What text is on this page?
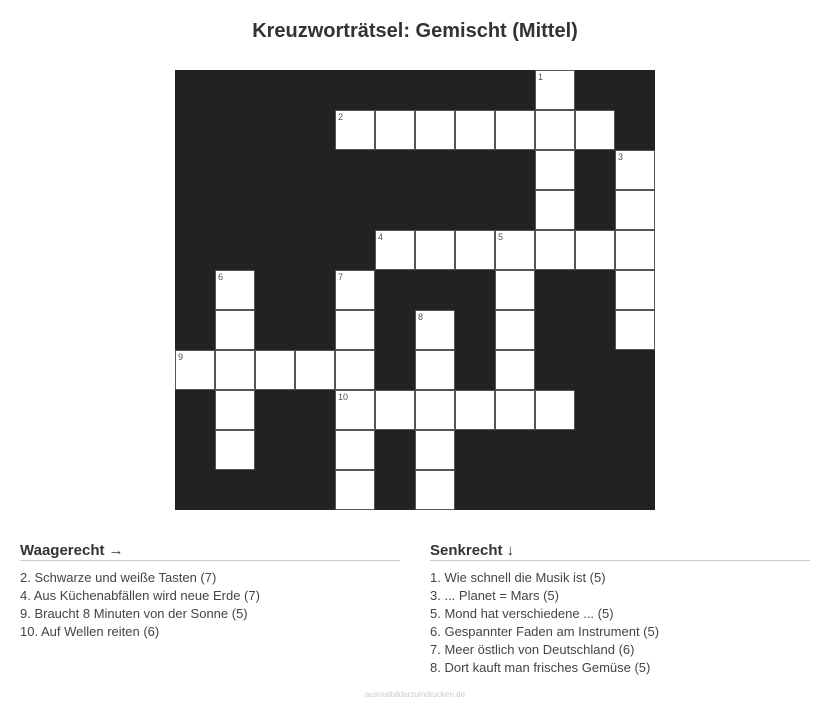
Kreuzworträtsel: Gemischt (Mittel)
1
2
3
4	5
6	7
8
9
10
Waagerecht →
2. Schwarze und weiße Tasten (7)
4. Aus Küchenabfällen wird neue Erde (7)
9. Braucht 8 Minuten von der Sonne (5)
10. Auf Wellen reiten (6)
Senkrecht ↓
1. Wie schnell die Musik ist (5)
3. ... Planet = Mars (5)
5. Mond hat verschiedene ... (5)
6. Gespannter Faden am Instrument (5)
7. Meer östlich von Deutschland (6)
8. Dort kauft man frisches Gemüse (5)
ausmalbilderzumdrucken.de
